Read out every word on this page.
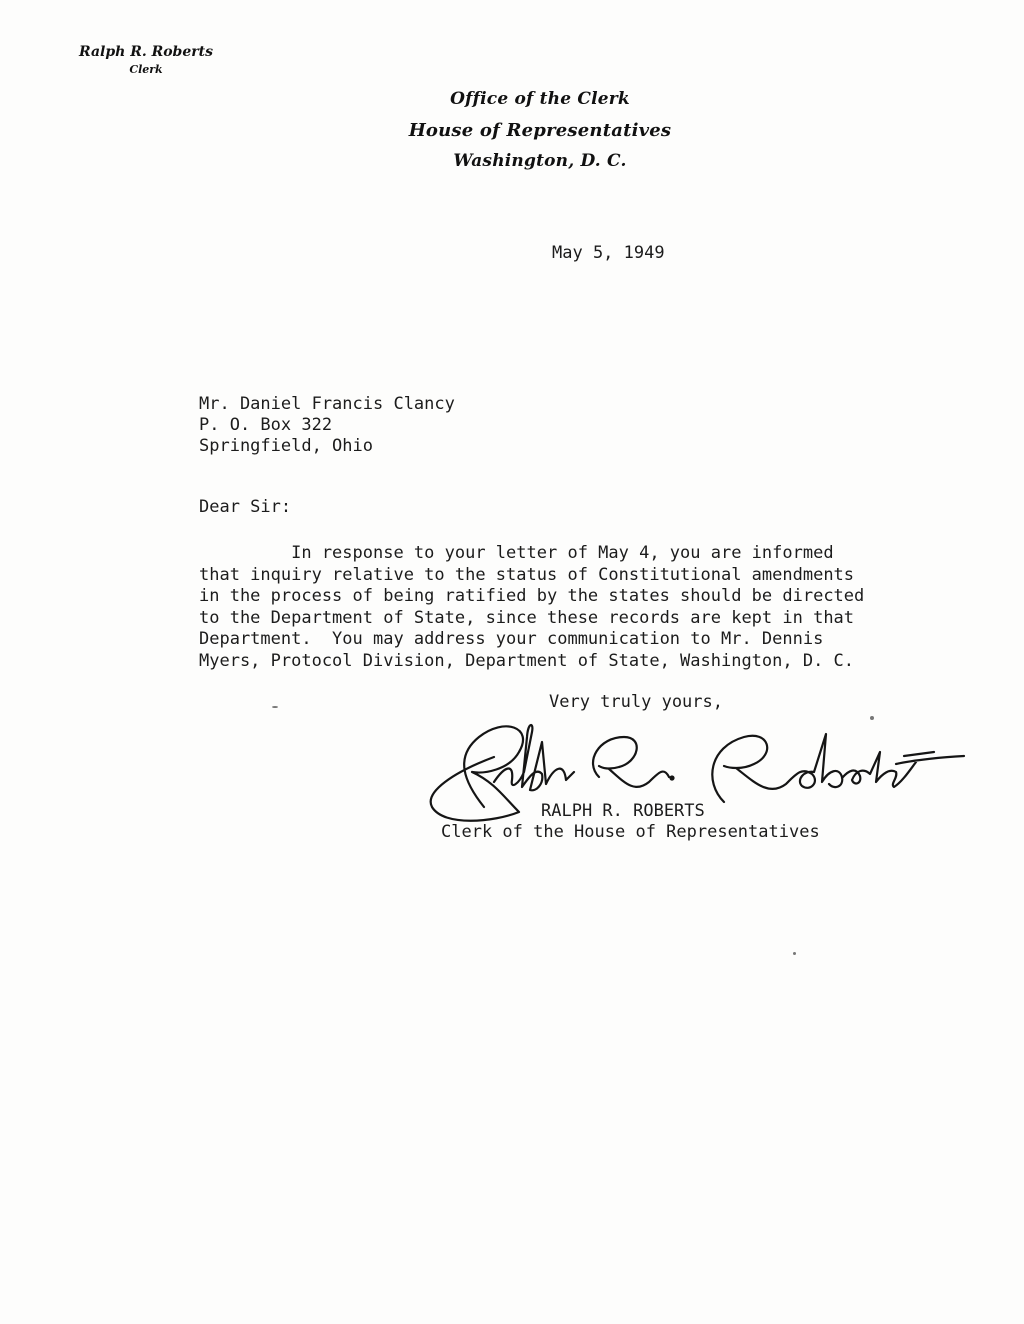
Ralph R. Roberts
Clerk
Office of the Clerk
House of Representatives
Washington, D. C.
May 5, 1949
Mr. Daniel Francis Clancy
P. O. Box 322
Springfield, Ohio
Dear Sir:
In response to your letter of May 4, you are informed
that inquiry relative to the status of Constitutional amendments
in the process of being ratified by the states should be directed
to the Department of State, since these records are kept in that
Department.  You may address your communication to Mr. Dennis
Myers, Protocol Division, Department of State, Washington, D. C.
Very truly yours,
RALPH R. ROBERTS
Clerk of the House of Representatives
